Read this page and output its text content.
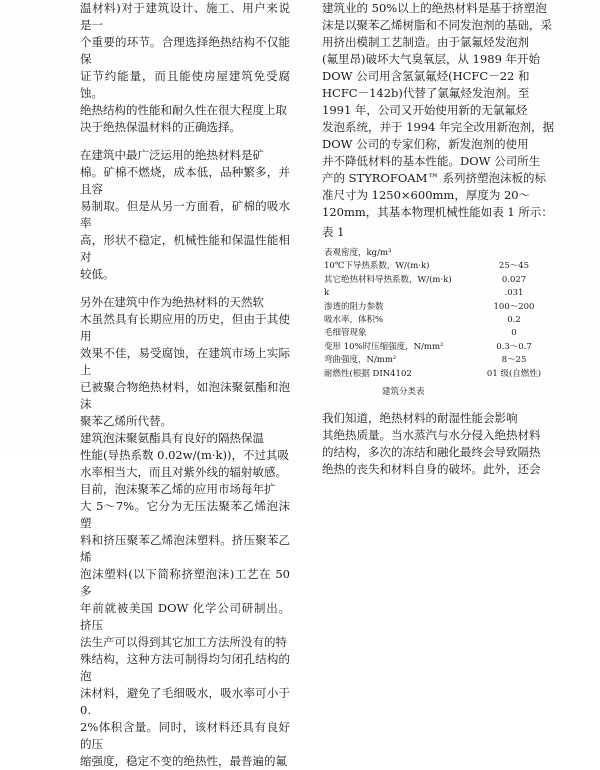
温材料)对于建筑设计、施工、用户来说是一
个重要的环节。合理选择绝热结构不仅能保
证节约能量，而且能使房屋建筑免受腐蚀。
绝热结构的性能和耐久性在很大程度上取
决于绝热保温材料的正确选择。

在建筑中最广泛运用的绝热材料是矿
棉。矿棉不燃烧，成本低，品种繁多，并且容
易制取。但是从另一方面看，矿棉的吸水率
高，形状不稳定，机械性能和保温性能相对
较低。

另外在建筑中作为绝热材料的天然软
木虽然具有长期应用的历史，但由于其使用
效果不佳，易受腐蚀，在建筑市场上实际上
已被聚合物绝热材料，如泡沫聚氨酯和泡沫
聚苯乙烯所代替。

建筑泡沫聚氨酯具有良好的隔热保温
性能(导热系数 0.02w/(m·k))，不过其吸
水率相当大，而且对紫外线的辐射敏感。

目前，泡沫聚苯乙烯的应用市场每年扩
大 5～7%。它分为无压法聚苯乙烯泡沫塑
料和挤压聚苯乙烯泡沫塑料。挤压聚苯乙烯
泡沫塑料(以下简称挤塑泡沫)工艺在 50 多
年前就被美国 DOW 化学公司研制出。挤压
法生产可以得到其它加工方法所没有的特
殊结构，这种方法可制得均匀闭孔结构的泡
沫材料，避免了毛细吸水，吸水率可小于 0.
2%体积含量。同时，该材料还具有良好的压
缩强度，稳定不变的绝热性，最普遍的氟

建筑业的 50%以上的绝热材料是基于挤塑泡
沫是以聚苯乙烯树脂和不同发泡剂的基础，采
用挤出模制工艺制造。由于氯氟烃发泡剂
(氟里昂)破坏大气臭氧层，从 1989 年开始
DOW 公司用含氢氯氟烃(HCFC－22 和
HCFC－142b)代替了氯氟烃发泡剂。至
1991 年，公司又开始使用新的无氯氟烃
发泡系统，并于 1994 年完全改用新泡剂，据
DOW 公司的专家们称，新发泡剂的使用
并不降低材料的基本性能。DOW 公司所生
产的 STYROFOAM™ 系列挤塑泡沫板的标
准尺寸为 1250×600mm，厚度为 20～
120mm，其基本物理机械性能如表 1 所示：

表 1
表观密度，kg/m³	
10℃下导热系数，W/(m·k)	25～45
其它绝热材料导热系数，W/(m·k)	0.027
k	.031
渗透的阻力参数	100～200
吸水率，体积%	0.2
毛细管现象	0
变形 10%时压缩强度，N/mm²	0.3～0.7
弯曲强度，N/mm²	8～25
耐燃性(根据 DIN4102	01 级(自燃性)
建筑分类表

我们知道，绝热材料的耐湿性能会影响
其绝热质量。当水蒸汽与水分侵入绝热材料
的结构，多次的冻结和融化最终会导致隔热
绝热的丧失和材料自身的破坏。此外，还会
